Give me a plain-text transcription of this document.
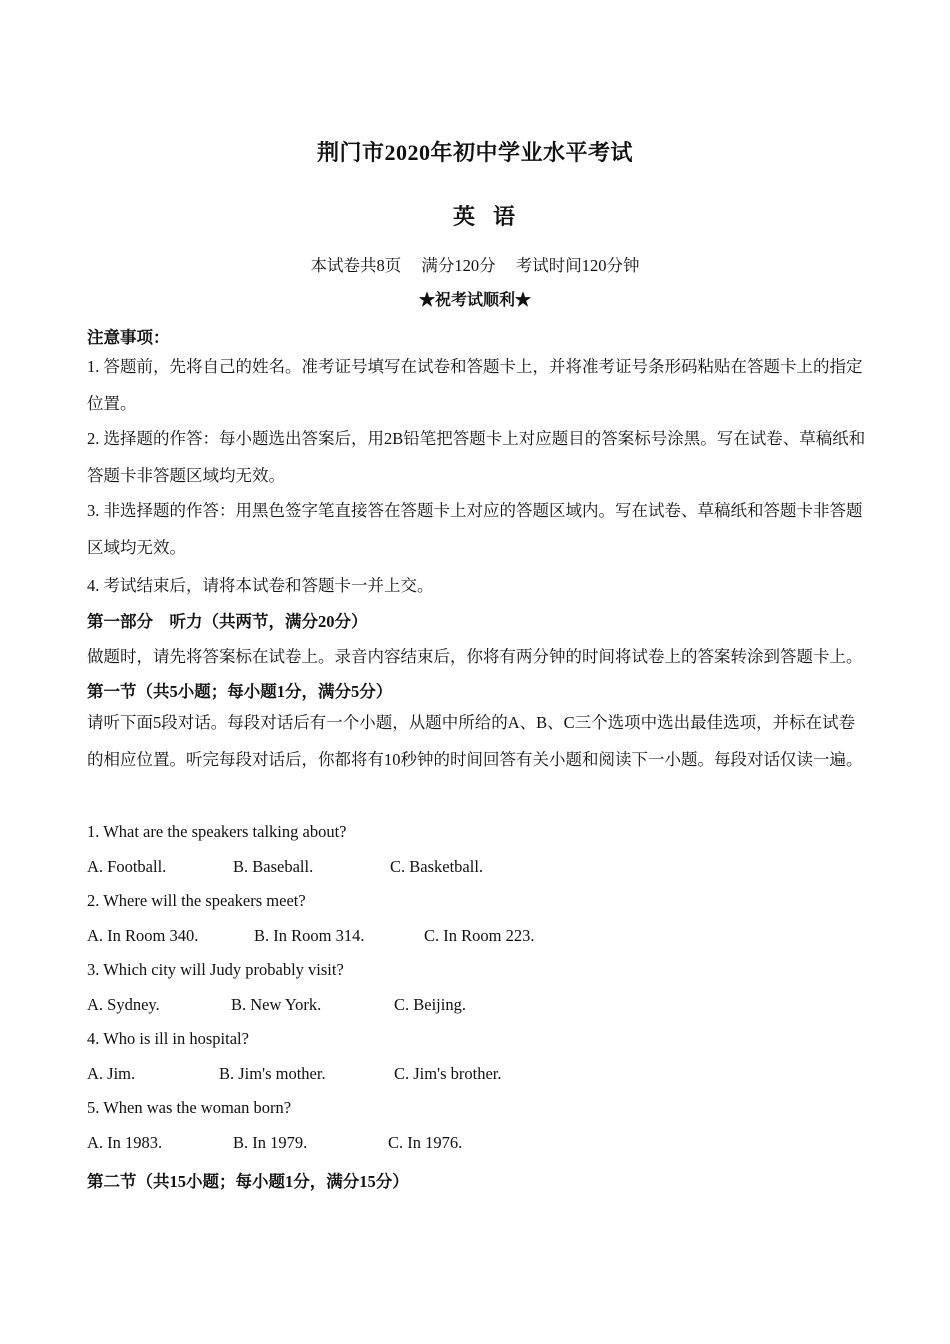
荆门市2020年初中学业水平考试
英语
本试卷共8页 满分120分 考试时间120分钟
★祝考试顺利★
注意事项：
1. 答题前，先将自己的姓名。准考证号填写在试卷和答题卡上，并将准考证号条形码粘贴在答题卡上的指定位置。
2. 选择题的作答：每小题选出答案后，用2B铅笔把答题卡上对应题目的答案标号涂黑。写在试卷、草稿纸和答题卡非答题区域均无效。
3. 非选择题的作答：用黑色签字笔直接答在答题卡上对应的答题区域内。写在试卷、草稿纸和答题卡非答题区域均无效。
4. 考试结束后，请将本试卷和答题卡一并上交。
第一部分　听力（共两节，满分20分）
做题时，请先将答案标在试卷上。录音内容结束后，你将有两分钟的时间将试卷上的答案转涂到答题卡上。
第一节（共5小题；每小题1分，满分5分）
请听下面5段对话。每段对话后有一个小题，从题中所给的A、B、C三个选项中选出最佳选项，并标在试卷的相应位置。听完每段对话后，你都将有10秒钟的时间回答有关小题和阅读下一小题。每段对话仅读一遍。
1. What are the speakers talking about?
A. Football.	B. Baseball.	C. Basketball.
2. Where will the speakers meet?
A. In Room 340.	B. In Room 314.	C. In Room 223.
3. Which city will Judy probably visit?
A. Sydney.	B. New York.	C. Beijing.
4. Who is ill in hospital?
A. Jim.	B. Jim's mother.	C. Jim's brother.
5. When was the woman born?
A. In 1983.	B. In 1979.	C. In 1976.
第二节（共15小题；每小题1分，满分15分）
